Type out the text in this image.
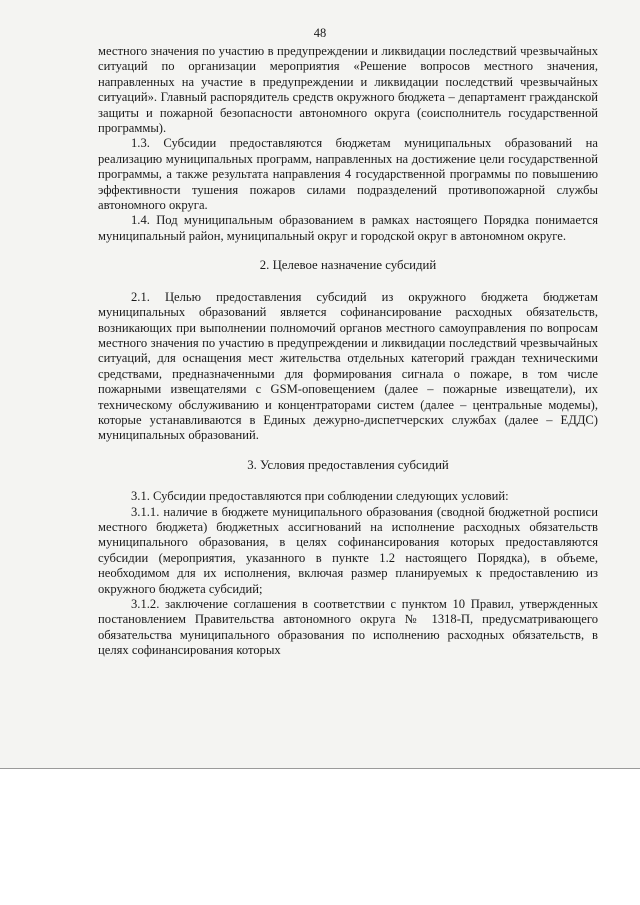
48

местного значения по участию в предупреждении и ликвидации последствий чрезвычайных ситуаций по организации мероприятия «Решение вопросов местного значения, направленных на участие в предупреждении и ликвидации последствий чрезвычайных ситуаций». Главный распорядитель средств окружного бюджета – департамент гражданской защиты и пожарной безопасности автономного округа (соисполнитель государственной программы).

1.3. Субсидии предоставляются бюджетам муниципальных образований на реализацию муниципальных программ, направленных на достижение цели государственной программы, а также результата направления 4 государственной программы по повышению эффективности тушения пожаров силами подразделений противопожарной службы автономного округа.

1.4. Под муниципальным образованием в рамках настоящего Порядка понимается муниципальный район, муниципальный округ и городской округ в автономном округе.

2. Целевое назначение субсидий

2.1. Целью предоставления субсидий из окружного бюджета бюджетам муниципальных образований является софинансирование расходных обязательств, возникающих при выполнении полномочий органов местного самоуправления по вопросам местного значения по участию в предупреждении и ликвидации последствий чрезвычайных ситуаций, для оснащения мест жительства отдельных категорий граждан техническими средствами, предназначенными для формирования сигнала о пожаре, в том числе пожарными извещателями с GSM-оповещением (далее – пожарные извещатели), их техническому обслуживанию и концентраторами систем (далее – центральные модемы), которые устанавливаются в Единых дежурно-диспетчерских службах (далее – ЕДДС) муниципальных образований.

3. Условия предоставления субсидий

3.1. Субсидии предоставляются при соблюдении следующих условий:

3.1.1. наличие в бюджете муниципального образования (сводной бюджетной росписи местного бюджета) бюджетных ассигнований на исполнение расходных обязательств муниципального образования, в целях софинансирования которых предоставляются субсидии (мероприятия, указанного в пункте 1.2 настоящего Порядка), в объеме, необходимом для их исполнения, включая размер планируемых к предоставлению из окружного бюджета субсидий;

3.1.2. заключение соглашения в соответствии с пунктом 10 Правил, утвержденных постановлением Правительства автономного округа № 1318-П, предусматривающего обязательства муниципального образования по исполнению расходных обязательств, в целях софинансирования которых
